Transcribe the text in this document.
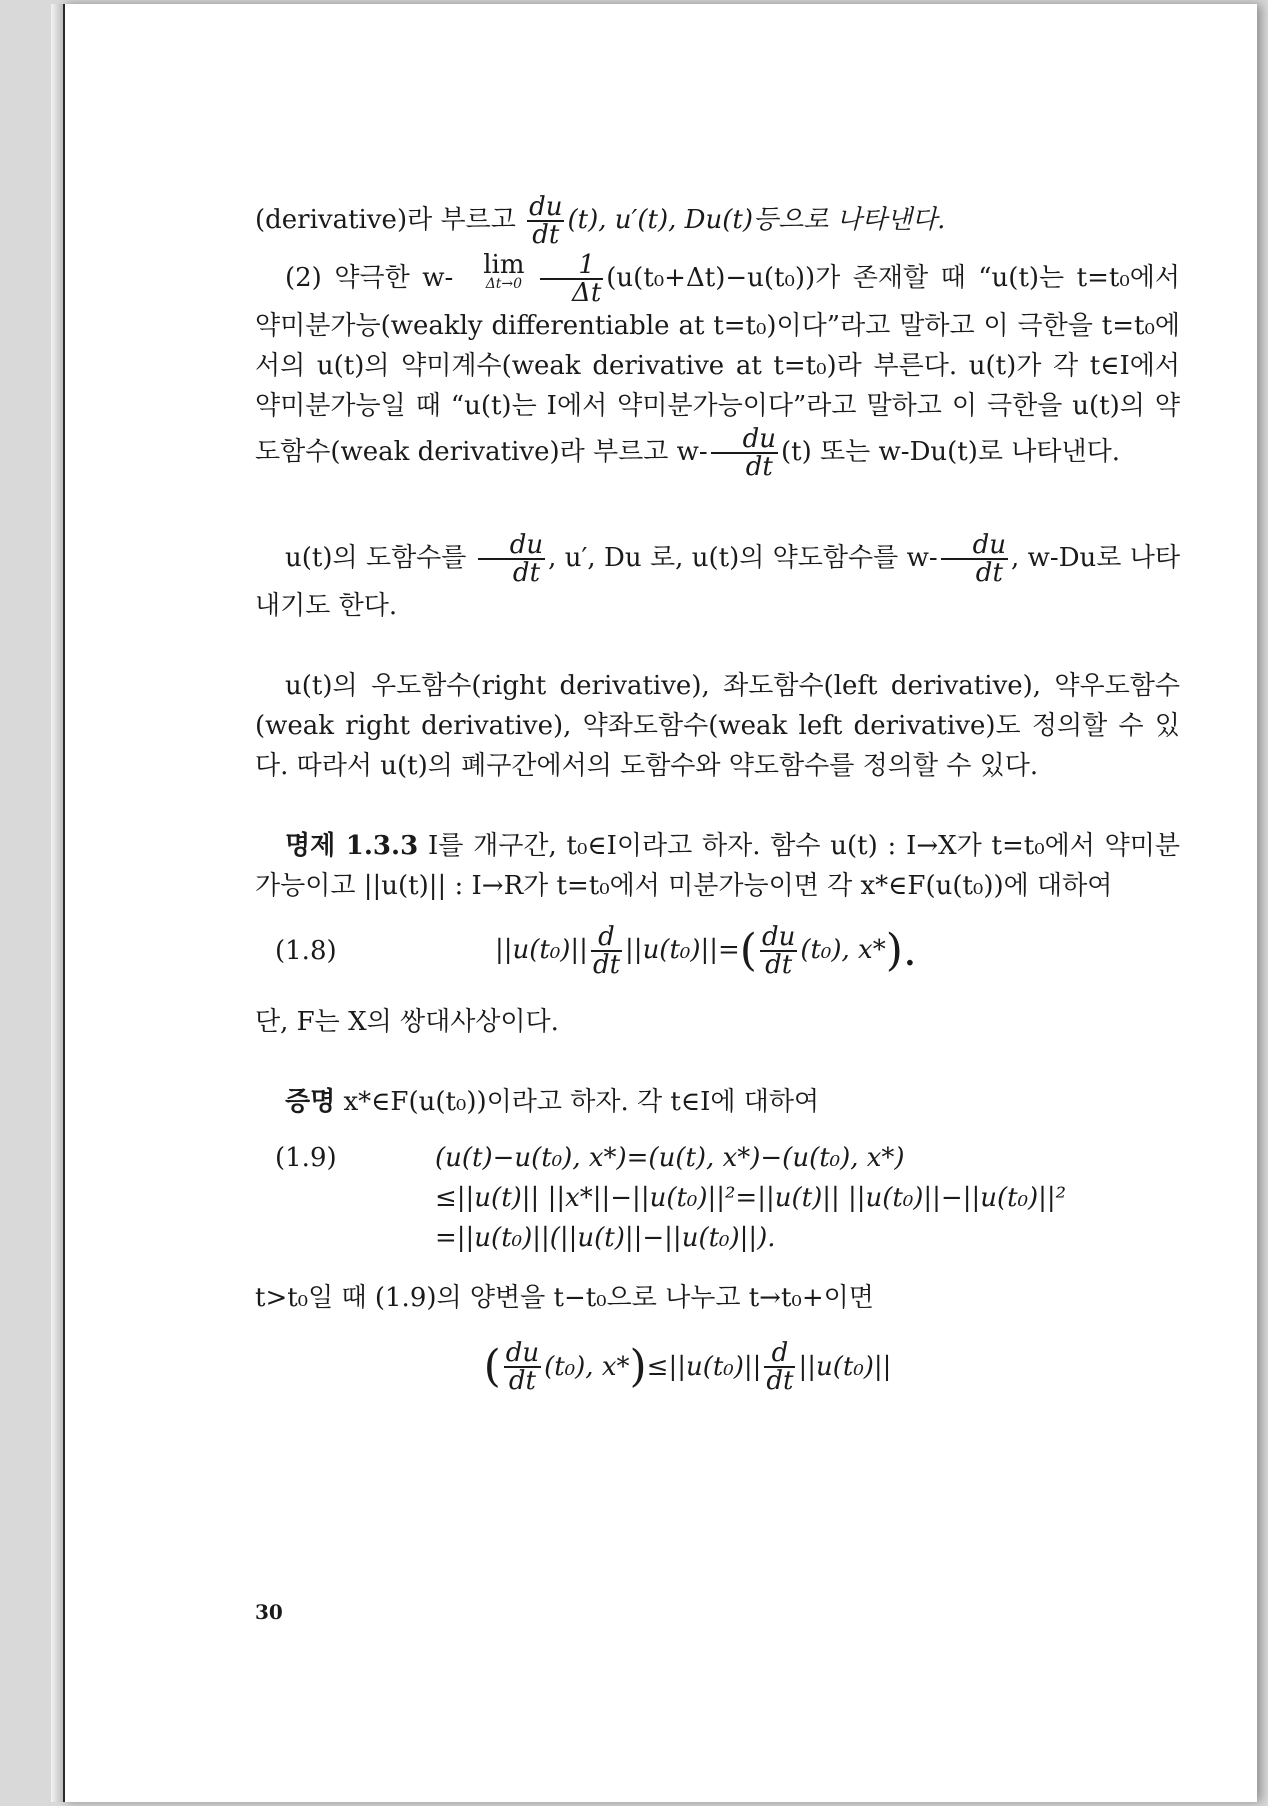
(derivative)라 부르고 $\frac{du}{dt} (t)$, u′(t), Du(t)등으로 나타낸다.

(2) 약극한 w- lim
Δt→0
$\frac{1}{\Delta t} (u(t_0+\Delta t)-u(t_0))$가 존재할 때 “u(t)는 t=t₀에서 약미분가능(weakly differentiable at t=t₀)이다”라고 말하고 이 극한을 t=t₀에서의 u(t)의 약미계수(weak derivative at t=t₀)라 부른다. u(t)가 각 t∈I에서 약미분가능일 때 “u(t)는 I에서 약미분가능이다”라고 말하고 이 극한을 u(t)의 약도함수(weak derivative)라 부르고 $w- \frac{du}{dt} (t)$ 또는 w-Du(t)로 나타낸다.

u(t)의 도함수를 $\frac{du}{dt}$ , u′, Du 로, u(t)의 약도함수를 $w- \frac{du}{dt}$ , w-Du로 나타내기도 한다.

u(t)의 우도함수(right derivative), 좌도함수(left derivative), 약우도함수(weak right derivative), 약좌도함수(weak left derivative)도 정의할 수 있다. 따라서 u(t)의 폐구간에서의 도함수와 약도함수를 정의할 수 있다.

명제 1.3.3 I를 개구간, t₀∈I이라고 하자. 함수 u(t) : I→X가 t=t₀에서 약미분가능이고 ||u(t)|| : I→R가 t=t₀에서 미분가능이면 각 x*∈F(u(t₀))에 대하여

(1.8)	$||u(t_0)|| \frac{d}{dt} ||u(t_0)||=( \frac{du}{dt} (t_0)$, x*).

단, F는 X의 쌍대사상이다.

증명 x*∈F(u(t₀))이라고 하자. 각 t∈I에 대하여

(1.9)	(u(t)−u(t₀), x*)=(u(t), x*)−(u(t₀), x*)
≤||u(t)|| ||x*||−||u(t₀)||²=||u(t)|| ||u(t₀)||−||u(t₀)||²
=||u(t₀)||(||u(t)||−||u(t₀)||).

t>t₀일 때 (1.9)의 양변을 t−t₀으로 나누고 t→t₀+이면

( $\frac{du}{dt} (t_0)$, x* ) $\le||u(t_0)|| \frac{d}{dt} ||u(t_0)||$
30
